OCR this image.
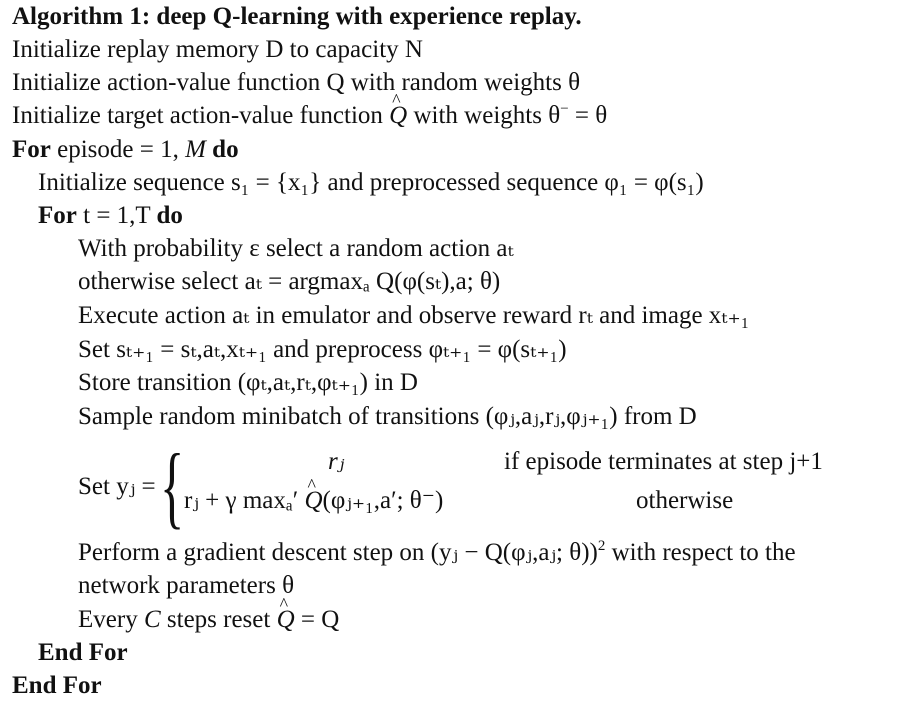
Algorithm 1: deep Q-learning with experience replay.
Initialize replay memory D to capacity N
Initialize action-value function Q with random weights θ
Initialize target action-value function ^ Q with weights θ− = θ
For episode = 1, M do
Initialize sequence s₁ = {x₁} and preprocessed sequence φ₁ = φ(s₁)
For t = 1,T do
With probability ε select a random action aₜ
otherwise select aₜ = argmaxₐ Q(φ(sₜ),a; θ)
Execute action aₜ in emulator and observe reward rₜ and image xₜ₊₁
Set sₜ₊₁ = sₜ,aₜ,xₜ₊₁ and preprocess φₜ₊₁ = φ(sₜ₊₁)
Store transition (φₜ,aₜ,rₜ,φₜ₊₁) in D
Sample random minibatch of transitions (φⱼ,aⱼ,rⱼ,φⱼ₊₁) from D
Set yⱼ = {	rⱼ	if episode terminates at step j+1
rⱼ + γ maxₐ′ ^ Q(φⱼ₊₁,a′; θ⁻)	otherwise
Perform a gradient descent step on (yⱼ − Q(φⱼ,aⱼ; θ))$^2$ with respect to the
network parameters θ
Every C steps reset ^ Q = Q
End For
End For
